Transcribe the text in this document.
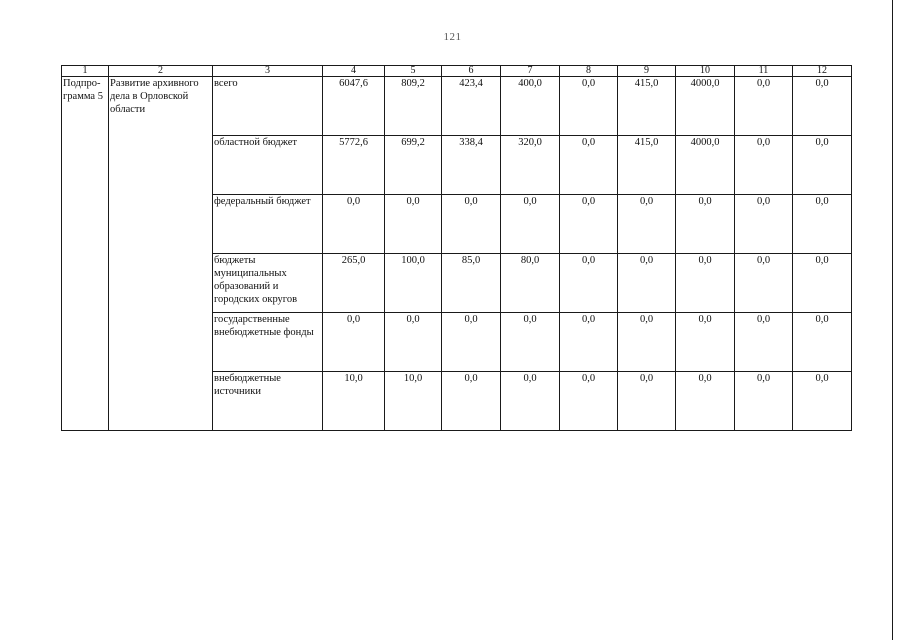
121
1	2	3	4	5	6	7	8	9	10	11	12
Подпро-грамма 5	Развитие архивного дела в Орловской области	всего	6047,6	809,2	423,4	400,0	0,0	415,0	4000,0	0,0	0,0
		областной бюджет	5772,6	699,2	338,4	320,0	0,0	415,0	4000,0	0,0	0,0
		федеральный бюджет	0,0	0,0	0,0	0,0	0,0	0,0	0,0	0,0	0,0
		бюджеты муниципальных образований и городских округов	265,0	100,0	85,0	80,0	0,0	0,0	0,0	0,0	0,0
		государственные внебюджетные фонды	0,0	0,0	0,0	0,0	0,0	0,0	0,0	0,0	0,0
		внебюджетные источники	10,0	10,0	0,0	0,0	0,0	0,0	0,0	0,0	0,0
